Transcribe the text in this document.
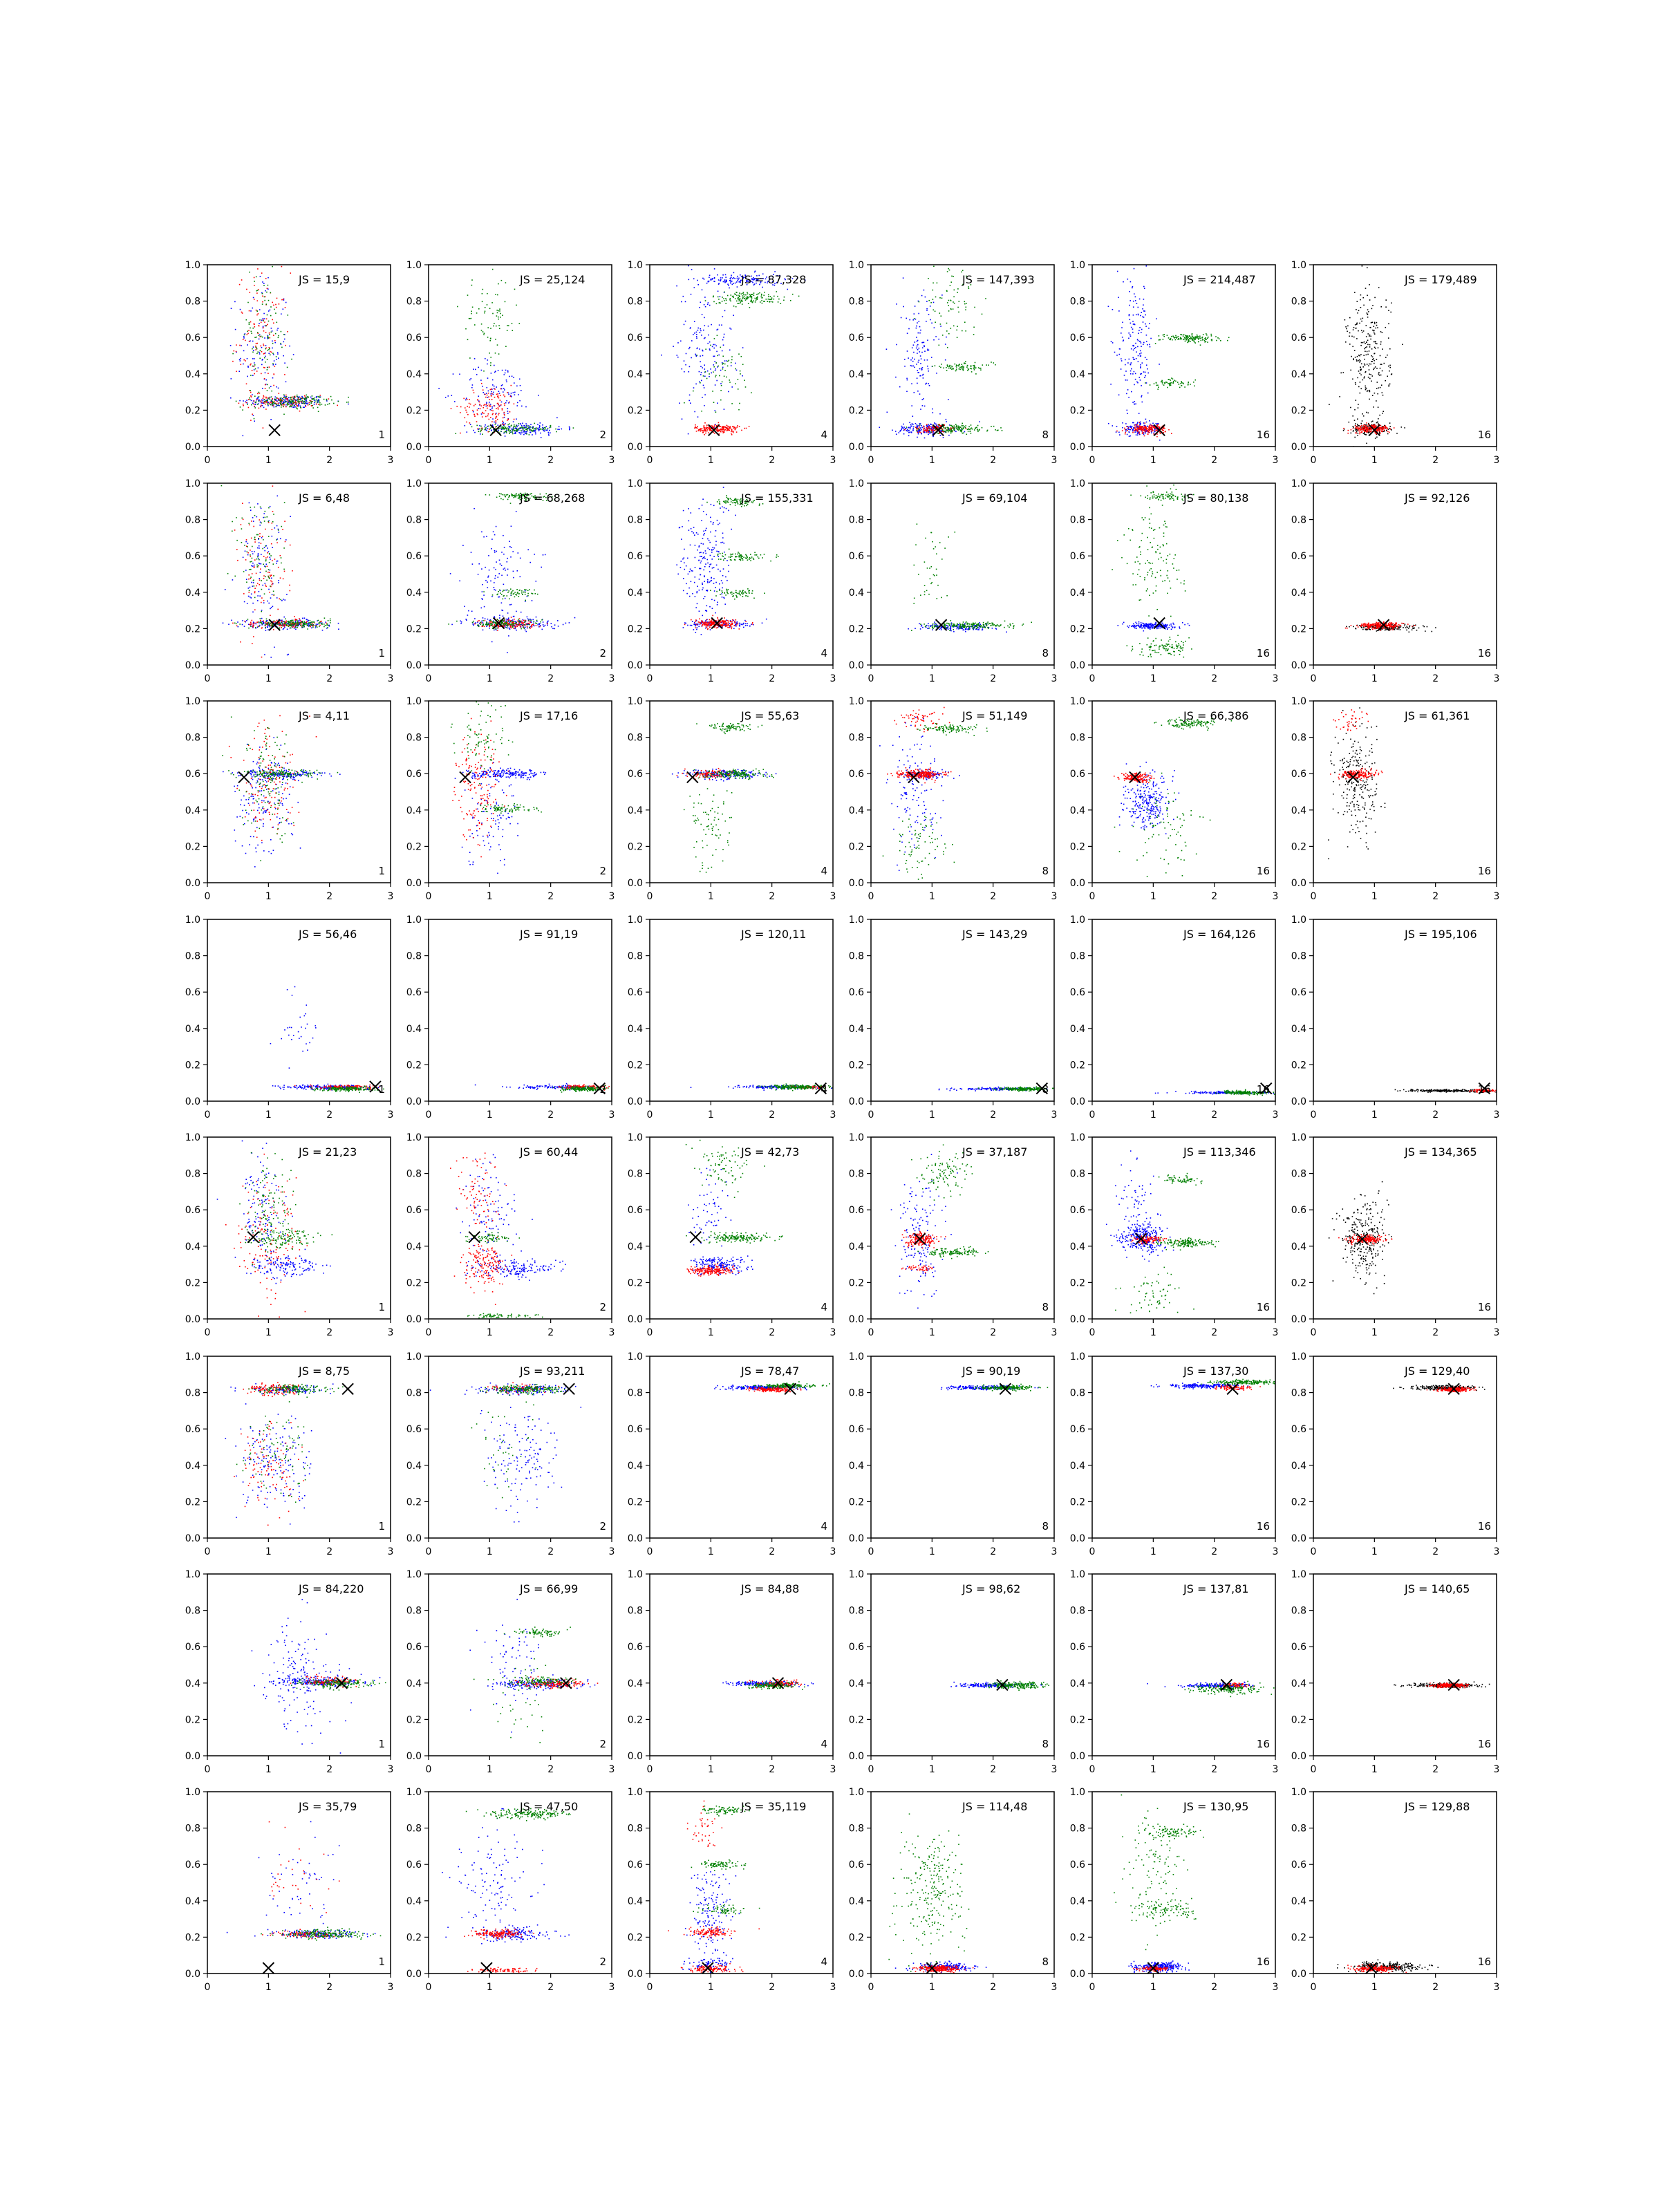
0	1	2	3
0.0
0.2
0.4
0.6
0.8
1.0
JS = 15,9
1
0	1	2	3
0.0
0.2
0.4
0.6
0.8
1.0
JS = 25,124
2
0	1	2	3
0.0
0.2
0.4
0.6
0.8
1.0
JS = 87,328
4
0	1	2	3
0.0
0.2
0.4
0.6
0.8
1.0
JS = 147,393
8
0	1	2	3
0.0
0.2
0.4
0.6
0.8
1.0
JS = 214,487
16
0	1	2	3
0.0
0.2
0.4
0.6
0.8
1.0
JS = 179,489
16
0	1	2	3
0.0
0.2
0.4
0.6
0.8
1.0
JS = 6,48
1
0	1	2	3
0.0
0.2
0.4
0.6
0.8
1.0
JS = 68,268
2
0	1	2	3
0.0
0.2
0.4
0.6
0.8
1.0
JS = 155,331
4
0	1	2	3
0.0
0.2
0.4
0.6
0.8
1.0
JS = 69,104
8
0	1	2	3
0.0
0.2
0.4
0.6
0.8
1.0
JS = 80,138
16
0	1	2	3
0.0
0.2
0.4
0.6
0.8
1.0
JS = 92,126
16
0	1	2	3
0.0
0.2
0.4
0.6
0.8
1.0
JS = 4,11
1
0	1	2	3
0.0
0.2
0.4
0.6
0.8
1.0
JS = 17,16
2
0	1	2	3
0.0
0.2
0.4
0.6
0.8
1.0
JS = 55,63
4
0	1	2	3
0.0
0.2
0.4
0.6
0.8
1.0
JS = 51,149
8
0	1	2	3
0.0
0.2
0.4
0.6
0.8
1.0
JS = 66,386
16
0	1	2	3
0.0
0.2
0.4
0.6
0.8
1.0
JS = 61,361
16
0	1	2	3
0.0
0.2
0.4
0.6
0.8
1.0
JS = 56,46
1
0	1	2	3
0.0
0.2
0.4
0.6
0.8
1.0
JS = 91,19
2
0	1	2	3
0.0
0.2
0.4
0.6
0.8
1.0
JS = 120,11
4
0	1	2	3
0.0
0.2
0.4
0.6
0.8
1.0
JS = 143,29
8
0	1	2	3
0.0
0.2
0.4
0.6
0.8
1.0
JS = 164,126
16
0	1	2	3
0.0
0.2
0.4
0.6
0.8
1.0
JS = 195,106
16
0	1	2	3
0.0
0.2
0.4
0.6
0.8
1.0
JS = 21,23
1
0	1	2	3
0.0
0.2
0.4
0.6
0.8
1.0
JS = 60,44
2
0	1	2	3
0.0
0.2
0.4
0.6
0.8
1.0
JS = 42,73
4
0	1	2	3
0.0
0.2
0.4
0.6
0.8
1.0
JS = 37,187
8
0	1	2	3
0.0
0.2
0.4
0.6
0.8
1.0
JS = 113,346
16
0	1	2	3
0.0
0.2
0.4
0.6
0.8
1.0
JS = 134,365
16
0	1	2	3
0.0
0.2
0.4
0.6
0.8
1.0
JS = 8,75
1
0	1	2	3
0.0
0.2
0.4
0.6
0.8
1.0
JS = 93,211
2
0	1	2	3
0.0
0.2
0.4
0.6
0.8
1.0
JS = 78,47
4
0	1	2	3
0.0
0.2
0.4
0.6
0.8
1.0
JS = 90,19
8
0	1	2	3
0.0
0.2
0.4
0.6
0.8
1.0
JS = 137,30
16
0	1	2	3
0.0
0.2
0.4
0.6
0.8
1.0
JS = 129,40
16
0	1	2	3
0.0
0.2
0.4
0.6
0.8
1.0
JS = 84,220
1
0	1	2	3
0.0
0.2
0.4
0.6
0.8
1.0
JS = 66,99
2
0	1	2	3
0.0
0.2
0.4
0.6
0.8
1.0
JS = 84,88
4
0	1	2	3
0.0
0.2
0.4
0.6
0.8
1.0
JS = 98,62
8
0	1	2	3
0.0
0.2
0.4
0.6
0.8
1.0
JS = 137,81
16
0	1	2	3
0.0
0.2
0.4
0.6
0.8
1.0
JS = 140,65
16
0	1	2	3
0.0
0.2
0.4
0.6
0.8
1.0
JS = 35,79
1
0	1	2	3
0.0
0.2
0.4
0.6
0.8
1.0
JS = 47,50
2
0	1	2	3
0.0
0.2
0.4
0.6
0.8
1.0
JS = 35,119
4
0	1	2	3
0.0
0.2
0.4
0.6
0.8
1.0
JS = 114,48
8
0	1	2	3
0.0
0.2
0.4
0.6
0.8
1.0
JS = 130,95
16
0	1	2	3
0.0
0.2
0.4
0.6
0.8
1.0
JS = 129,88
16
